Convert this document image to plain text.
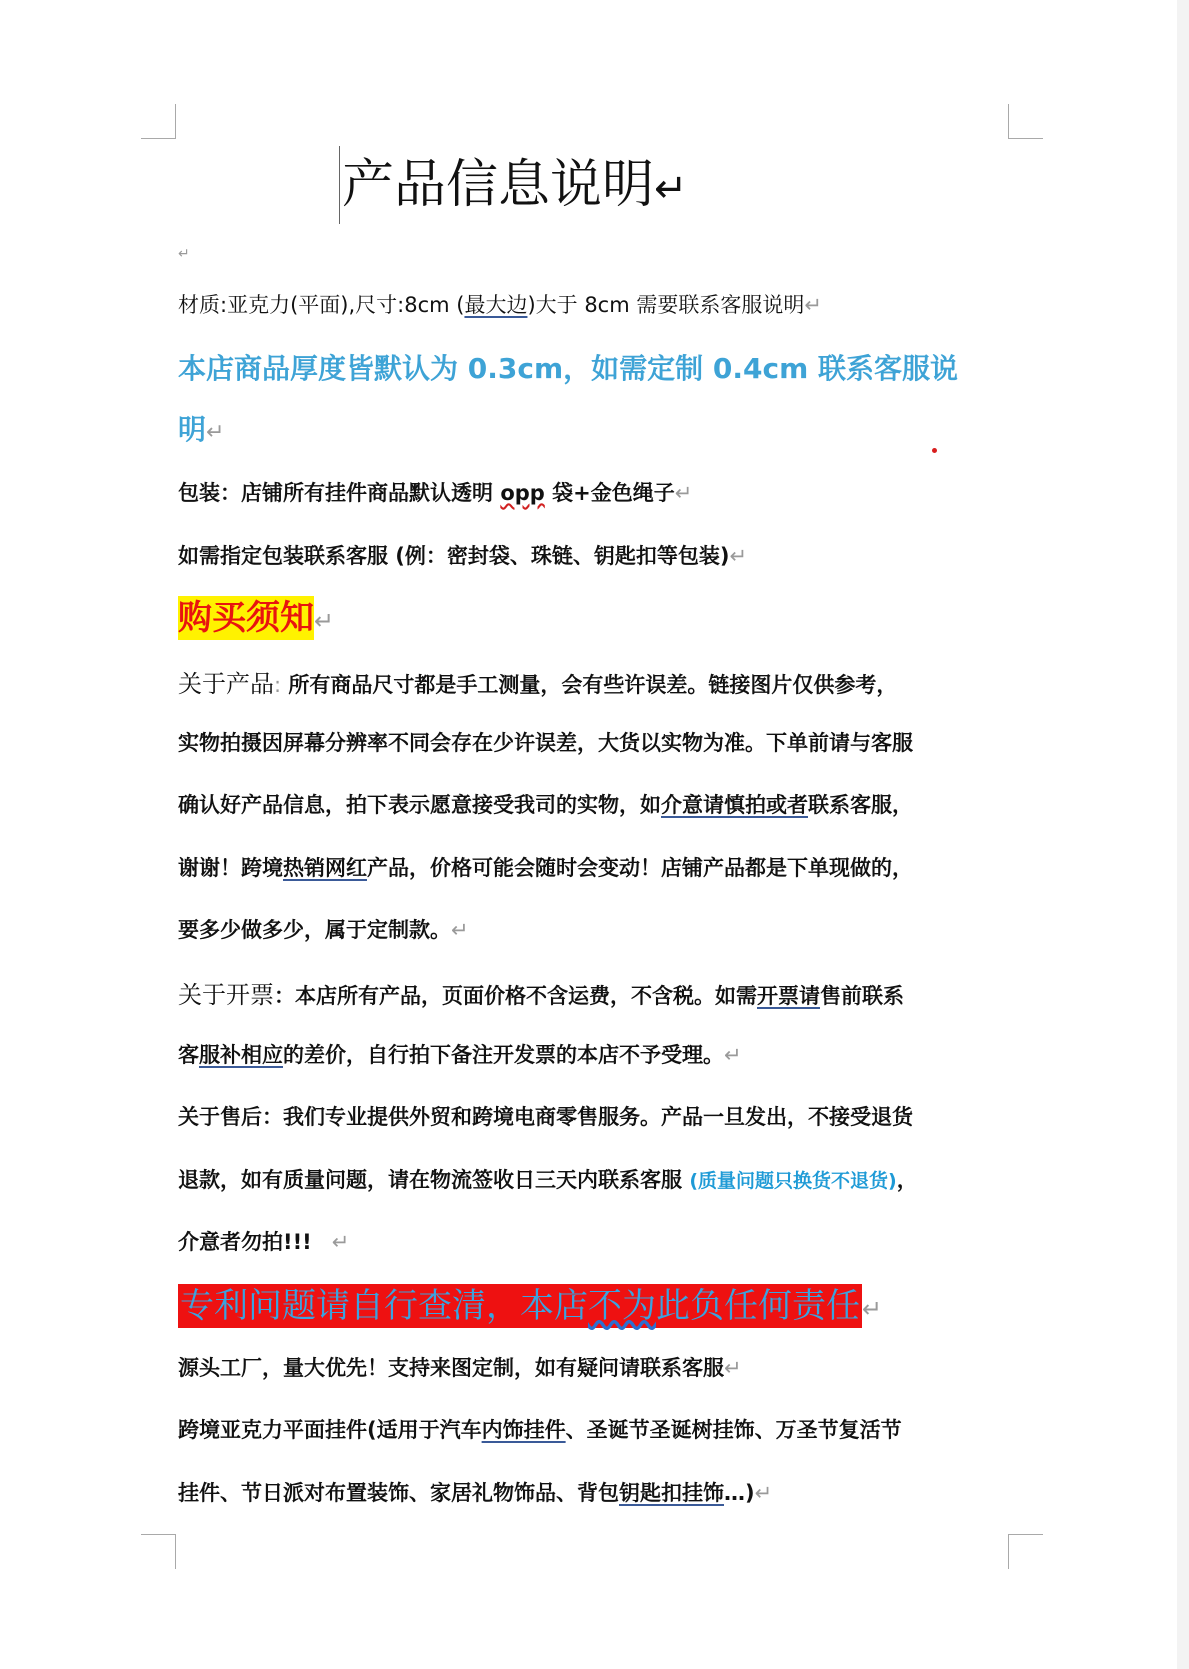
产品信息说明↵
↵
材质:亚克力(平面),尺寸:8cm (最大边)大于 8cm 需要联系客服说明↵
本店商品厚度皆默认为 0.3cm，如需定制 0.4cm 联系客服说
明↵
包装：店铺所有挂件商品默认透明 opp 袋+金色绳子↵
如需指定包装联系客服 (例：密封袋、珠链、钥匙扣等包装)↵
购买须知↵
关于产品: 所有商品尺寸都是手工测量，会有些许误差。链接图片仅供参考，
实物拍摄因屏幕分辨率不同会存在少许误差，大货以实物为准。下单前请与客服
确认好产品信息，拍下表示愿意接受我司的实物，如介意请慎拍或者联系客服，
谢谢！跨境热销网红产品，价格可能会随时会变动！店铺产品都是下单现做的，
要多少做多少，属于定制款。↵
关于开票：本店所有产品，页面价格不含运费，不含税。如需开票请售前联系
客服补相应的差价，自行拍下备注开发票的本店不予受理。↵
关于售后：我们专业提供外贸和跨境电商零售服务。产品一旦发出，不接受退货
退款，如有质量问题，请在物流签收日三天内联系客服 (质量问题只换货不退货)，
介意者勿拍!!! ↵
专利问题请自行查清，本店不为此负任何责任↵
源头工厂，量大优先！支持来图定制，如有疑问请联系客服↵
跨境亚克力平面挂件(适用于汽车内饰挂件、圣诞节圣诞树挂饰、万圣节复活节
挂件、节日派对布置装饰、家居礼物饰品、背包钥匙扣挂饰…)↵
